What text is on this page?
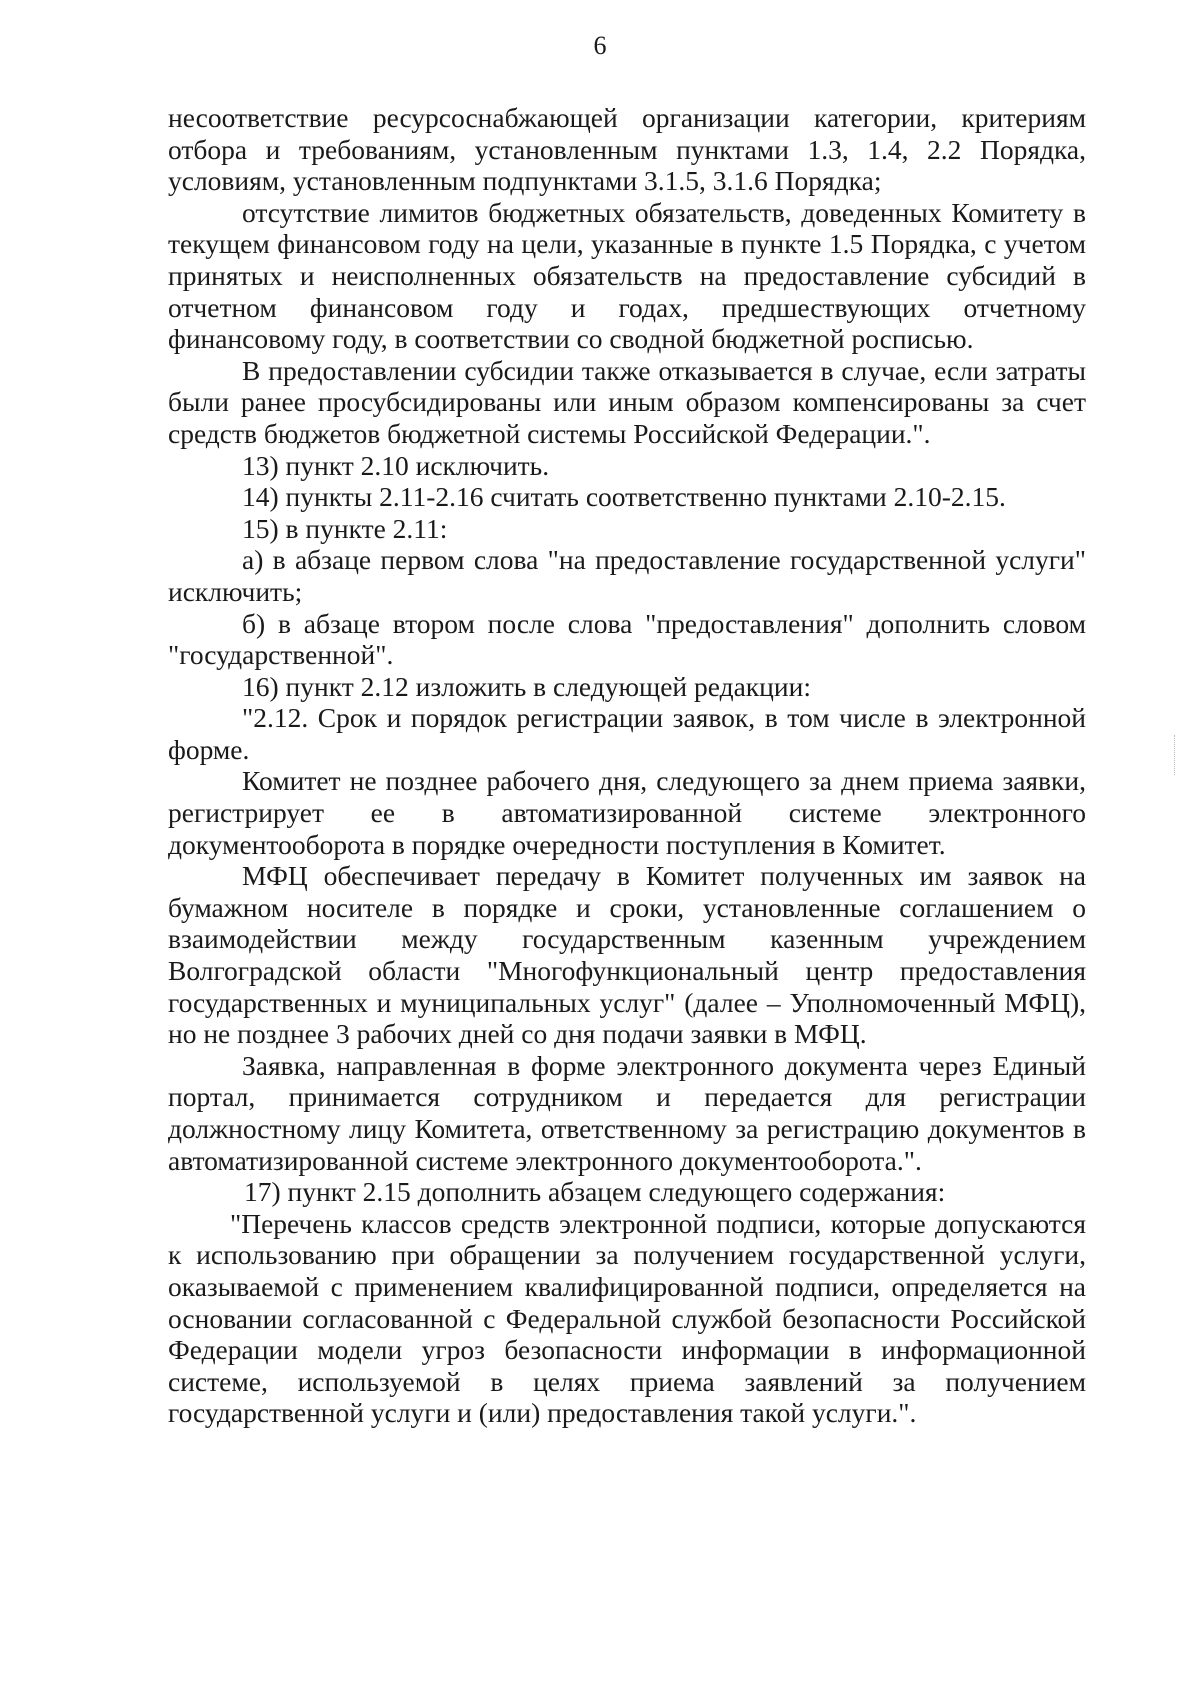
6

несоответствие ресурсоснабжающей организации категории, критериям отбора и требованиям, установленным пунктами 1.3, 1.4, 2.2 Порядка, условиям, установленным подпунктами 3.1.5, 3.1.6 Порядка;

отсутствие лимитов бюджетных обязательств, доведенных Комитету в текущем финансовом году на цели, указанные в пункте 1.5 Порядка, с учетом принятых и неисполненных обязательств на предоставление субсидий в отчетном финансовом году и годах, предшествующих отчетному финансовому году, в соответствии со сводной бюджетной росписью.

В предоставлении субсидии также отказывается в случае, если затраты были ранее просубсидированы или иным образом компенсированы за счет средств бюджетов бюджетной системы Российской Федерации.".

13) пункт 2.10 исключить.

14) пункты 2.11-2.16 считать соответственно пунктами 2.10-2.15.

15) в пункте 2.11:

а) в абзаце первом слова "на предоставление государственной услуги" исключить;

б) в абзаце втором после слова "предоставления" дополнить словом "государственной".

16) пункт 2.12 изложить в следующей редакции:

"2.12. Срок и порядок регистрации заявок, в том числе в электронной форме.

Комитет не позднее рабочего дня, следующего за днем приема заявки, регистрирует ее в автоматизированной системе электронного документооборота в порядке очередности поступления в Комитет.

МФЦ обеспечивает передачу в Комитет полученных им заявок на бумажном носителе в порядке и сроки, установленные соглашением о взаимодействии между государственным казенным учреждением Волгоградской области "Многофункциональный центр предоставления государственных и муниципальных услуг" (далее – Уполномоченный МФЦ), но не позднее 3 рабочих дней со дня подачи заявки в МФЦ.

Заявка, направленная в форме электронного документа через Единый портал, принимается сотрудником и передается для регистрации должностному лицу Комитета, ответственному за регистрацию документов в автоматизированной системе электронного документооборота.".

17) пункт 2.15 дополнить абзацем следующего содержания:

"Перечень классов средств электронной подписи, которые допускаются к использованию при обращении за получением государственной услуги, оказываемой с применением квалифицированной подписи, определяется на основании согласованной с Федеральной службой безопасности Российской Федерации модели угроз безопасности информации в информационной системе, используемой в целях приема заявлений за получением государственной услуги и (или) предоставления такой услуги.".
